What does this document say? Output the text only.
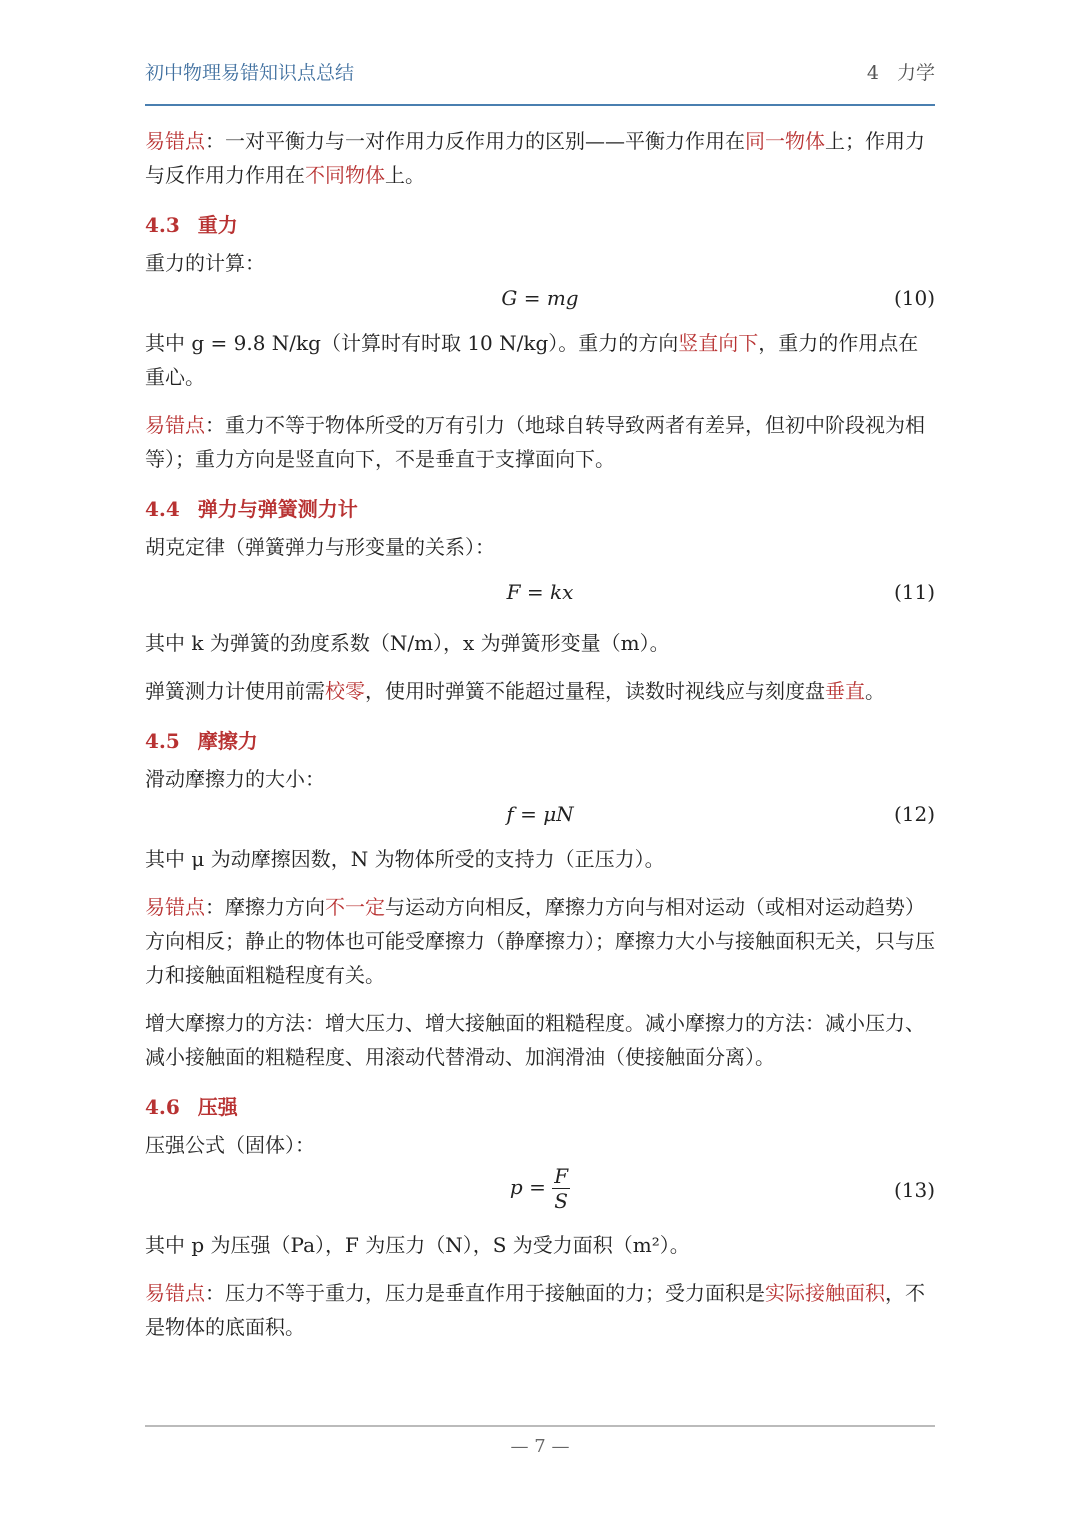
初中物理易错知识点总结	4 力学

易错点：一对平衡力与一对作用力反作用力的区别——平衡力作用在同一物体上；作用力与反作用力作用在不同物体上。

4.3 重力

重力的计算：

G = mg	(10)

其中 g = 9.8 N/kg（计算时有时取 10 N/kg）。重力的方向竖直向下，重力的作用点在重心。

易错点：重力不等于物体所受的万有引力（地球自转导致两者有差异，但初中阶段视为相等）；重力方向是竖直向下，不是垂直于支撑面向下。

4.4 弹力与弹簧测力计

胡克定律（弹簧弹力与形变量的关系）：

F = kx	(11)

其中 k 为弹簧的劲度系数（N/m），x 为弹簧形变量（m）。

弹簧测力计使用前需校零，使用时弹簧不能超过量程，读数时视线应与刻度盘垂直。

4.5 摩擦力

滑动摩擦力的大小：

f = μN	(12)

其中 μ 为动摩擦因数，N 为物体所受的支持力（正压力）。

易错点：摩擦力方向不一定与运动方向相反，摩擦力方向与相对运动（或相对运动趋势）方向相反；静止的物体也可能受摩擦力（静摩擦力）；摩擦力大小与接触面积无关，只与压力和接触面粗糙程度有关。

增大摩擦力的方法：增大压力、增大接触面的粗糙程度。减小摩擦力的方法：减小压力、减小接触面的粗糙程度、用滚动代替滑动、加润滑油（使接触面分离）。

4.6 压强

压强公式（固体）：

$p = \frac{F}{S}$	(13)

其中 p 为压强（Pa），F 为压力（N），S 为受力面积（m²）。

易错点：压力不等于重力，压力是垂直作用于接触面的力；受力面积是实际接触面积，不是物体的底面积。

— 7 —
